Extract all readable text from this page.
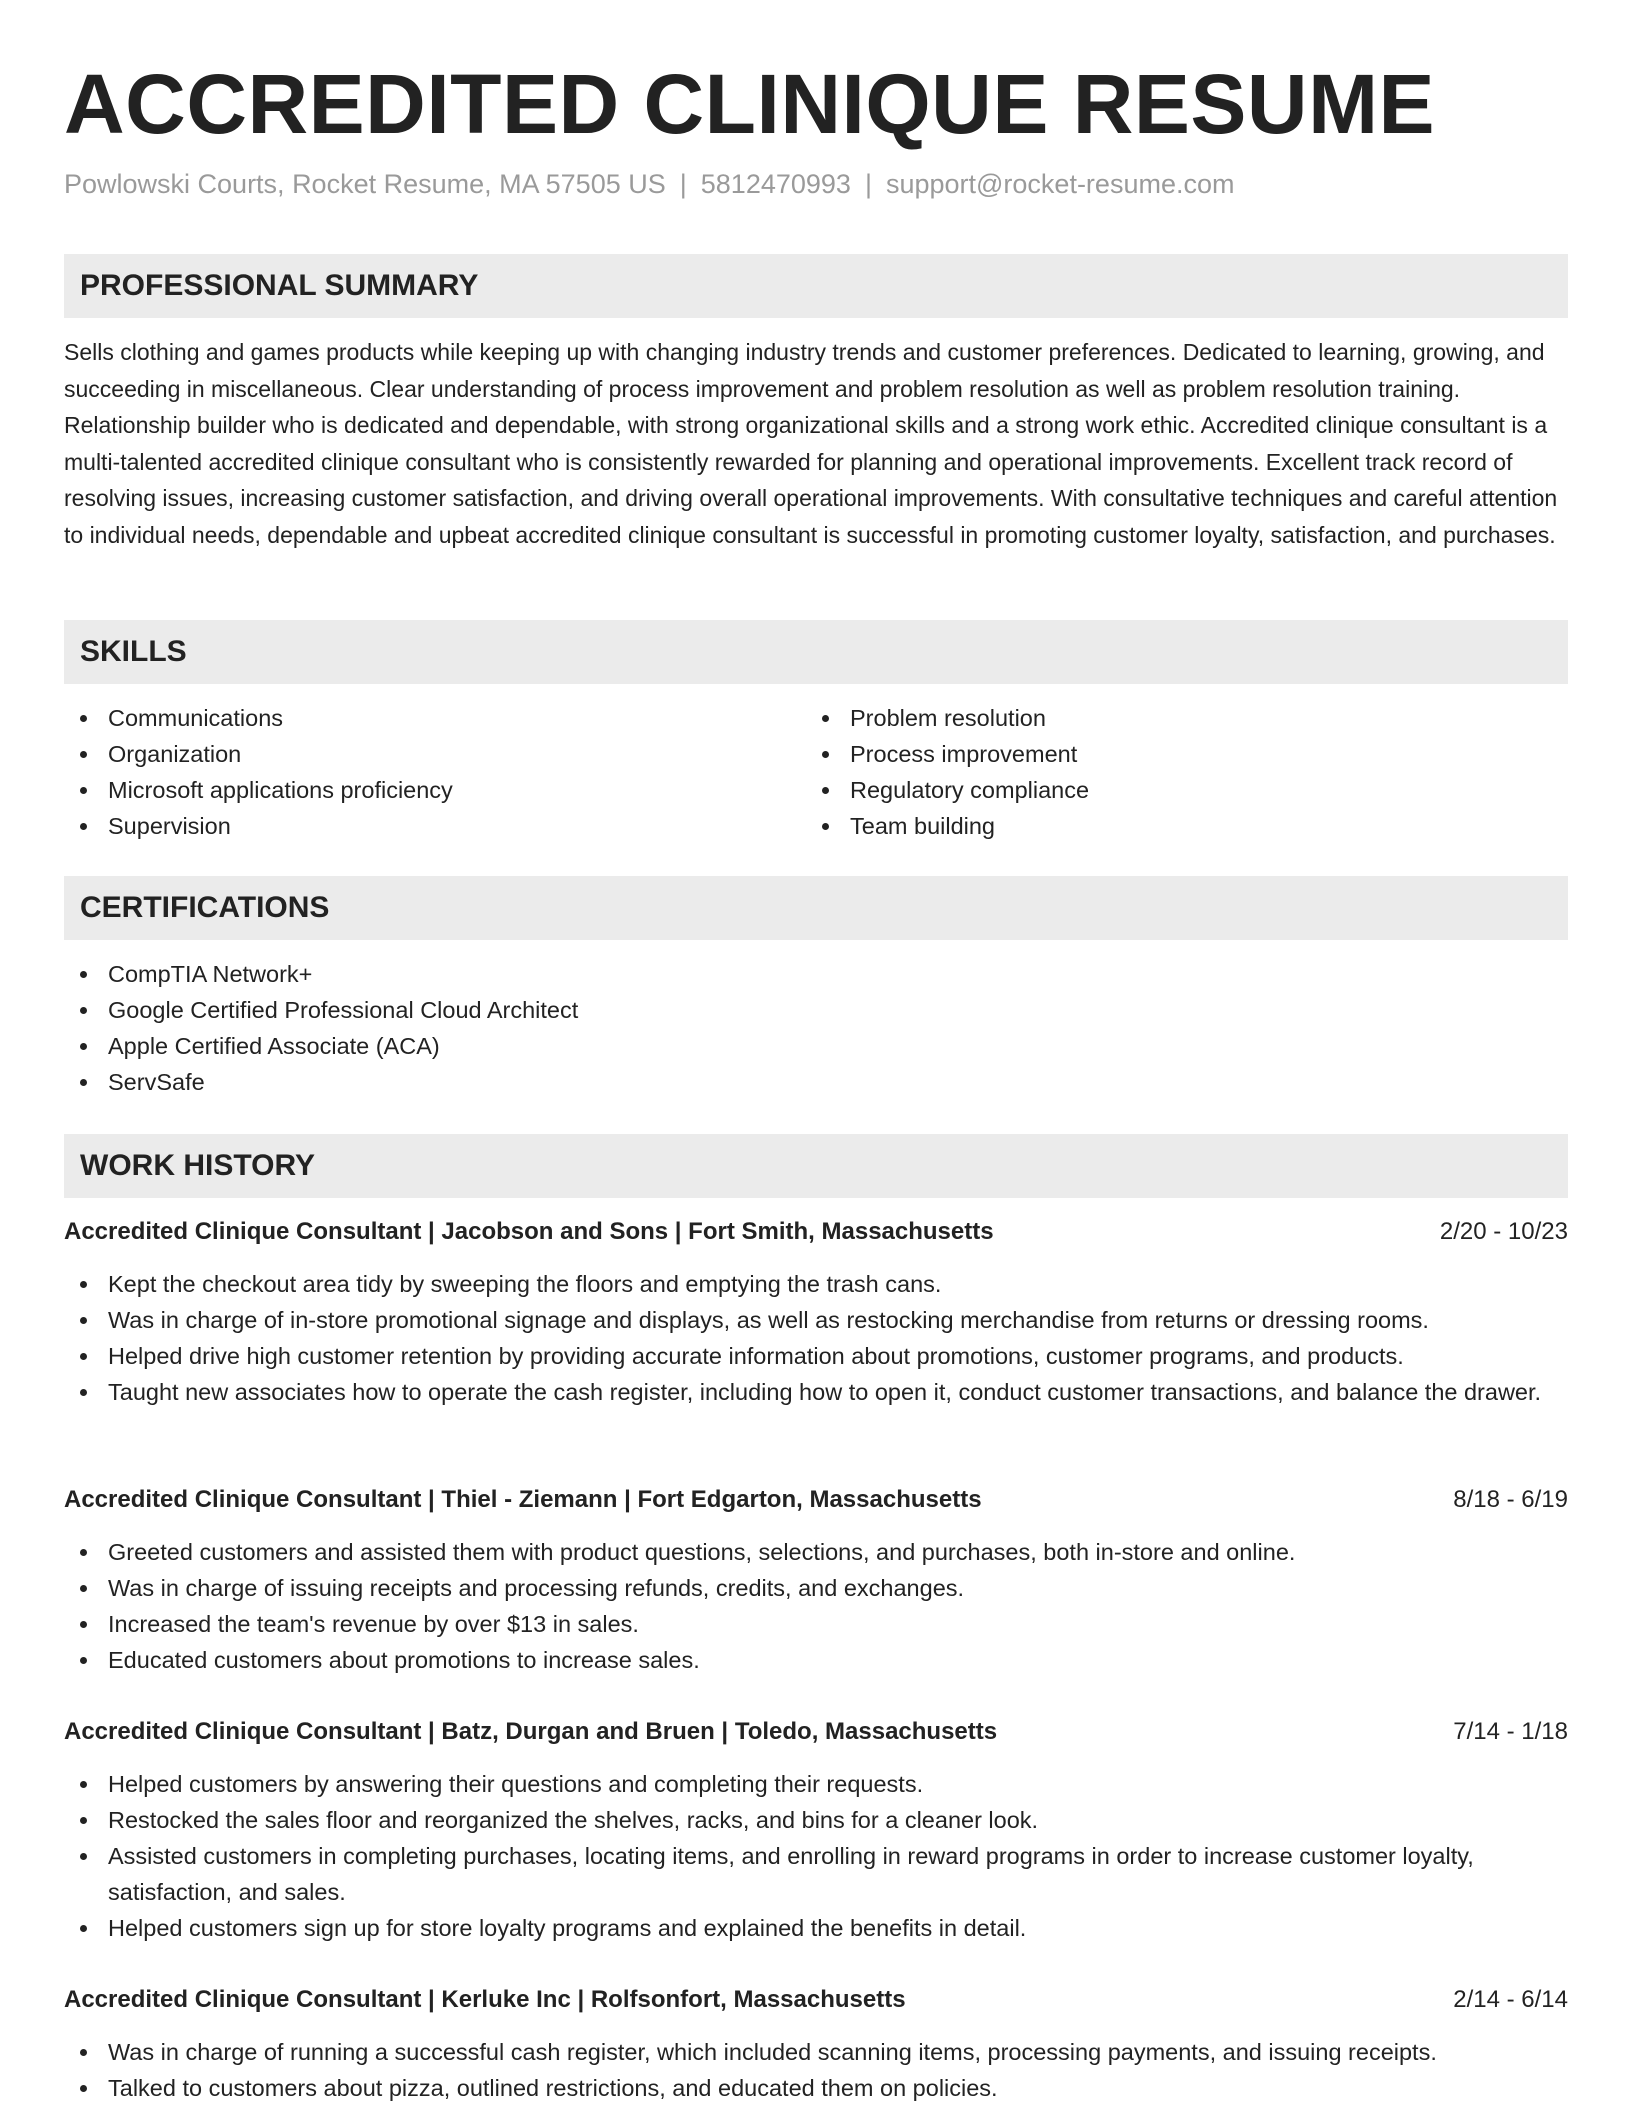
ACCREDITED CLINIQUE RESUME
Powlowski Courts, Rocket Resume, MA 57505 US | 5812470993 | support@rocket-resume.com
PROFESSIONAL SUMMARY
Sells clothing and games products while keeping up with changing industry trends and customer preferences. Dedicated to learning, growing, and succeeding in miscellaneous. Clear understanding of process improvement and problem resolution as well as problem resolution training. Relationship builder who is dedicated and dependable, with strong organizational skills and a strong work ethic. Accredited clinique consultant is a multi-talented accredited clinique consultant who is consistently rewarded for planning and operational improvements. Excellent track record of resolving issues, increasing customer satisfaction, and driving overall operational improvements. With consultative techniques and careful attention to individual needs, dependable and upbeat accredited clinique consultant is successful in promoting customer loyalty, satisfaction, and purchases.
SKILLS
Communications
Organization
Microsoft applications proficiency
Supervision
Problem resolution
Process improvement
Regulatory compliance
Team building
CERTIFICATIONS
CompTIA Network+
Google Certified Professional Cloud Architect
Apple Certified Associate (ACA)
ServSafe
WORK HISTORY
Accredited Clinique Consultant | Jacobson and Sons | Fort Smith, Massachusetts	2/20 - 10/23
Kept the checkout area tidy by sweeping the floors and emptying the trash cans.
Was in charge of in-store promotional signage and displays, as well as restocking merchandise from returns or dressing rooms.
Helped drive high customer retention by providing accurate information about promotions, customer programs, and products.
Taught new associates how to operate the cash register, including how to open it, conduct customer transactions, and balance the drawer.
Accredited Clinique Consultant | Thiel - Ziemann | Fort Edgarton, Massachusetts	8/18 - 6/19
Greeted customers and assisted them with product questions, selections, and purchases, both in-store and online.
Was in charge of issuing receipts and processing refunds, credits, and exchanges.
Increased the team's revenue by over $13 in sales.
Educated customers about promotions to increase sales.
Accredited Clinique Consultant | Batz, Durgan and Bruen | Toledo, Massachusetts	7/14 - 1/18
Helped customers by answering their questions and completing their requests.
Restocked the sales floor and reorganized the shelves, racks, and bins for a cleaner look.
Assisted customers in completing purchases, locating items, and enrolling in reward programs in order to increase customer loyalty, satisfaction, and sales.
Helped customers sign up for store loyalty programs and explained the benefits in detail.
Accredited Clinique Consultant | Kerluke Inc | Rolfsonfort, Massachusetts	2/14 - 6/14
Was in charge of running a successful cash register, which included scanning items, processing payments, and issuing receipts.
Talked to customers about pizza, outlined restrictions, and educated them on policies.
